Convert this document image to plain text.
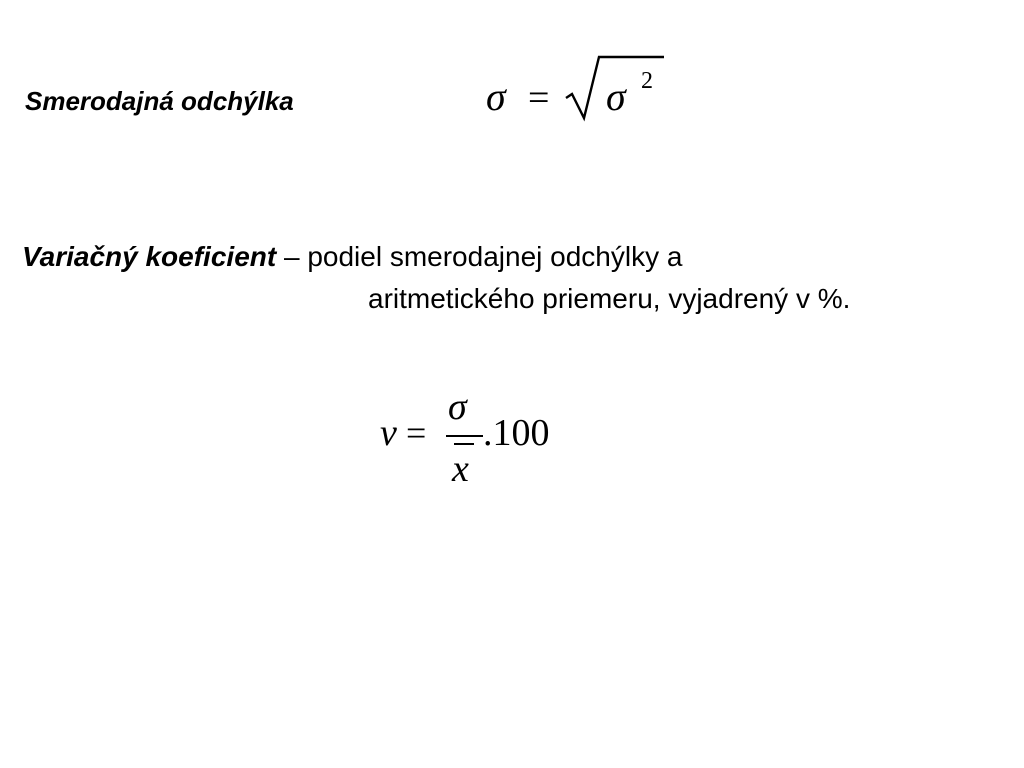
Smerodajná odchýlka	σ = σ 2
Variačný koeficient – podiel smerodajnej odchýlky a
aritmetického priemeru, vyjadrený v %.
v =
σ
x
.100
